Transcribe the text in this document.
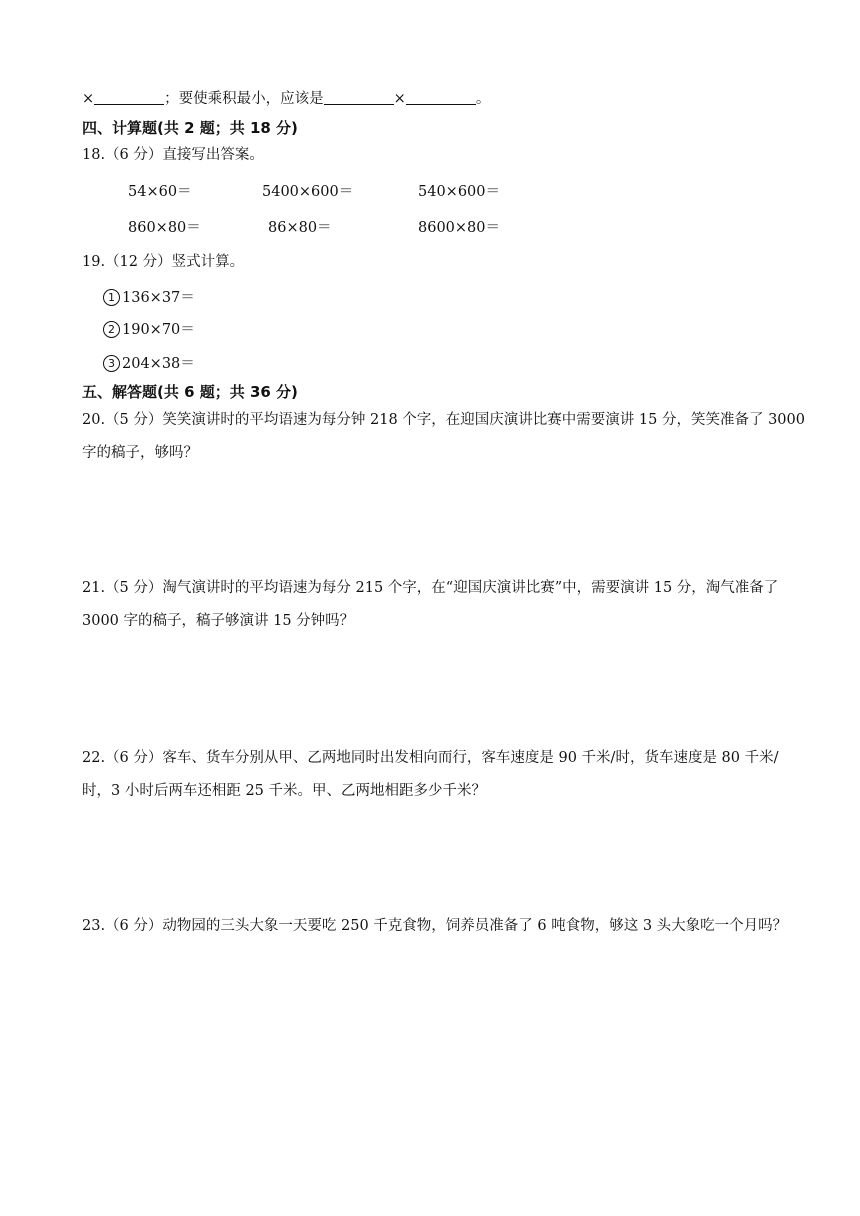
×	；要使乘积最小，应该是	×	。
四、计算题(共 2 题；共 18 分)
18.（6 分）直接写出答案。
54×60＝	5400×600＝	540×600＝
860×80＝	86×80＝	8600×80＝
19.（12 分）竖式计算。
1 136×37＝
2 190×70＝
3 204×38＝
五、解答题(共 6 题；共 36 分)
20.（5 分）笑笑演讲时的平均语速为每分钟 218 个字，在迎国庆演讲比赛中需要演讲 15 分，笑笑准备了 3000 字的稿子，够吗？
21.（5 分）淘气演讲时的平均语速为每分 215 个字，在“迎国庆演讲比赛”中，需要演讲 15 分，淘气准备了 3000 字的稿子，稿子够演讲 15 分钟吗？
22.（6 分）客车、货车分别从甲、乙两地同时出发相向而行，客车速度是 90 千米/时，货车速度是 80 千米/时，3 小时后两车还相距 25 千米。甲、乙两地相距多少千米？
23.（6 分）动物园的三头大象一天要吃 250 千克食物，饲养员准备了 6 吨食物，够这 3 头大象吃一个月吗？
